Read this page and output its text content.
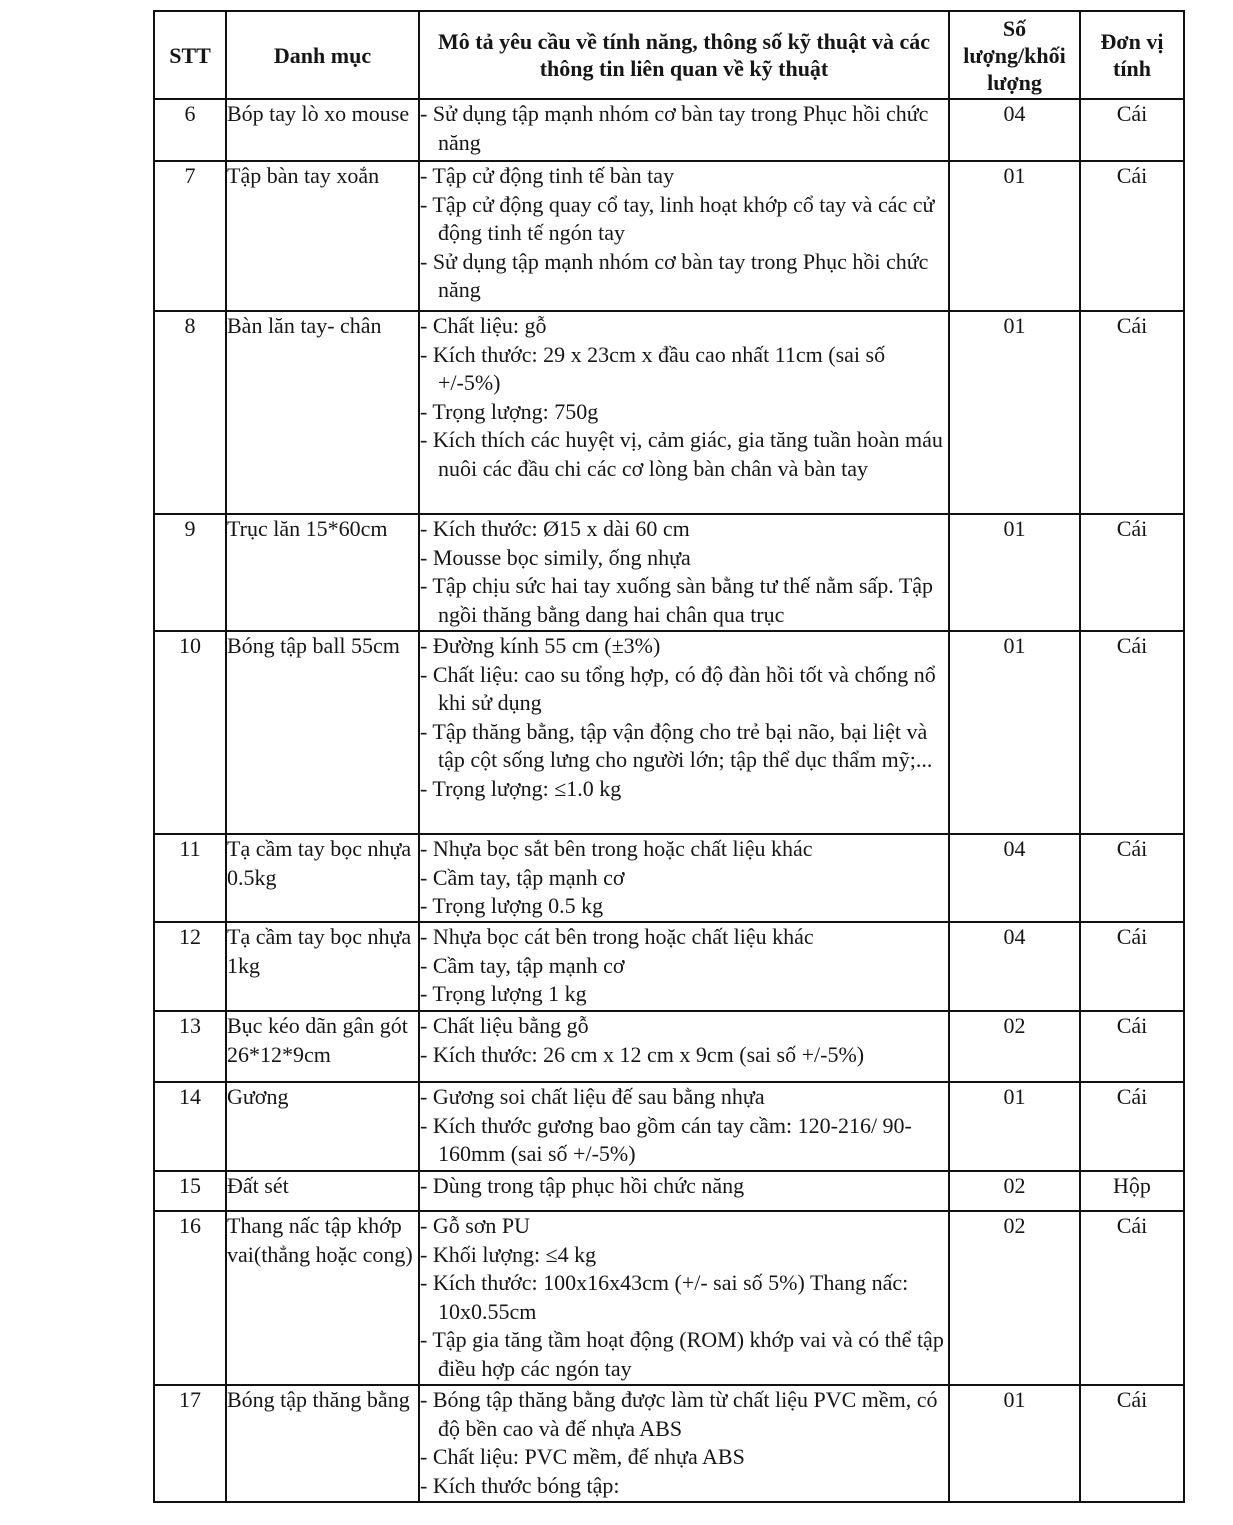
STT	Danh mục	Mô tả yêu cầu về tính năng, thông số kỹ thuật và các thông tin liên quan về kỹ thuật	Số lượng/khối lượng	Đơn vị tính
6	Bóp tay lò xo mouse	- Sử dụng tập mạnh nhóm cơ bàn tay trong Phục hồi chức năng	04	Cái
7	Tập bàn tay xoắn	- Tập cử động tinh tế bàn tay
- Tập cử động quay cổ tay, linh hoạt khớp cổ tay và các cử động tinh tế ngón tay
- Sử dụng tập mạnh nhóm cơ bàn tay trong Phục hồi chức năng	01	Cái
8	Bàn lăn tay- chân	- Chất liệu: gỗ
- Kích thước: 29 x 23cm x đầu cao nhất 11cm (sai số +/-5%)
- Trọng lượng: 750g
- Kích thích các huyệt vị, cảm giác, gia tăng tuần hoàn máu nuôi các đầu chi các cơ lòng bàn chân và bàn tay	01	Cái
9	Trục lăn 15*60cm	- Kích thước: Ø15 x dài 60 cm
- Mousse bọc simily, ống nhựa
- Tập chịu sức hai tay xuống sàn bằng tư thế nằm sấp. Tập ngồi thăng bằng dang hai chân qua trục	01	Cái
10	Bóng tập ball 55cm	- Đường kính 55 cm (±3%)
- Chất liệu: cao su tổng hợp, có độ đàn hồi tốt và chống nổ khi sử dụng
- Tập thăng bằng, tập vận động cho trẻ bại não, bại liệt và tập cột sống lưng cho người lớn; tập thể dục thẩm mỹ;...
- Trọng lượng: ≤1.0 kg	01	Cái
11	Tạ cầm tay bọc nhựa 0.5kg	- Nhựa bọc sắt bên trong hoặc chất liệu khác
- Cầm tay, tập mạnh cơ
- Trọng lượng 0.5 kg	04	Cái
12	Tạ cầm tay bọc nhựa 1kg	- Nhựa bọc cát bên trong hoặc chất liệu khác
- Cầm tay, tập mạnh cơ
- Trọng lượng 1 kg	04	Cái
13	Bục kéo dãn gân gót 26*12*9cm	- Chất liệu bằng gỗ
- Kích thước: 26 cm x 12 cm x 9cm (sai số +/-5%)	02	Cái
14	Gương	- Gương soi chất liệu đế sau bằng nhựa
- Kích thước gương bao gồm cán tay cầm: 120-216/ 90-160mm (sai số +/-5%)	01	Cái
15	Đất sét	- Dùng trong tập phục hồi chức năng	02	Hộp
16	Thang nấc tập khớp vai(thẳng hoặc cong)	- Gỗ sơn PU
- Khối lượng: ≤4 kg
- Kích thước: 100x16x43cm (+/- sai số 5%) Thang nấc: 10x0.55cm
- Tập gia tăng tầm hoạt động (ROM) khớp vai và có thể tập điều hợp các ngón tay	02	Cái
17	Bóng tập thăng bằng	- Bóng tập thăng bằng được làm từ chất liệu PVC mềm, có độ bền cao và đế nhựa ABS
- Chất liệu: PVC mềm, đế nhựa ABS
- Kích thước bóng tập:	01	Cái
